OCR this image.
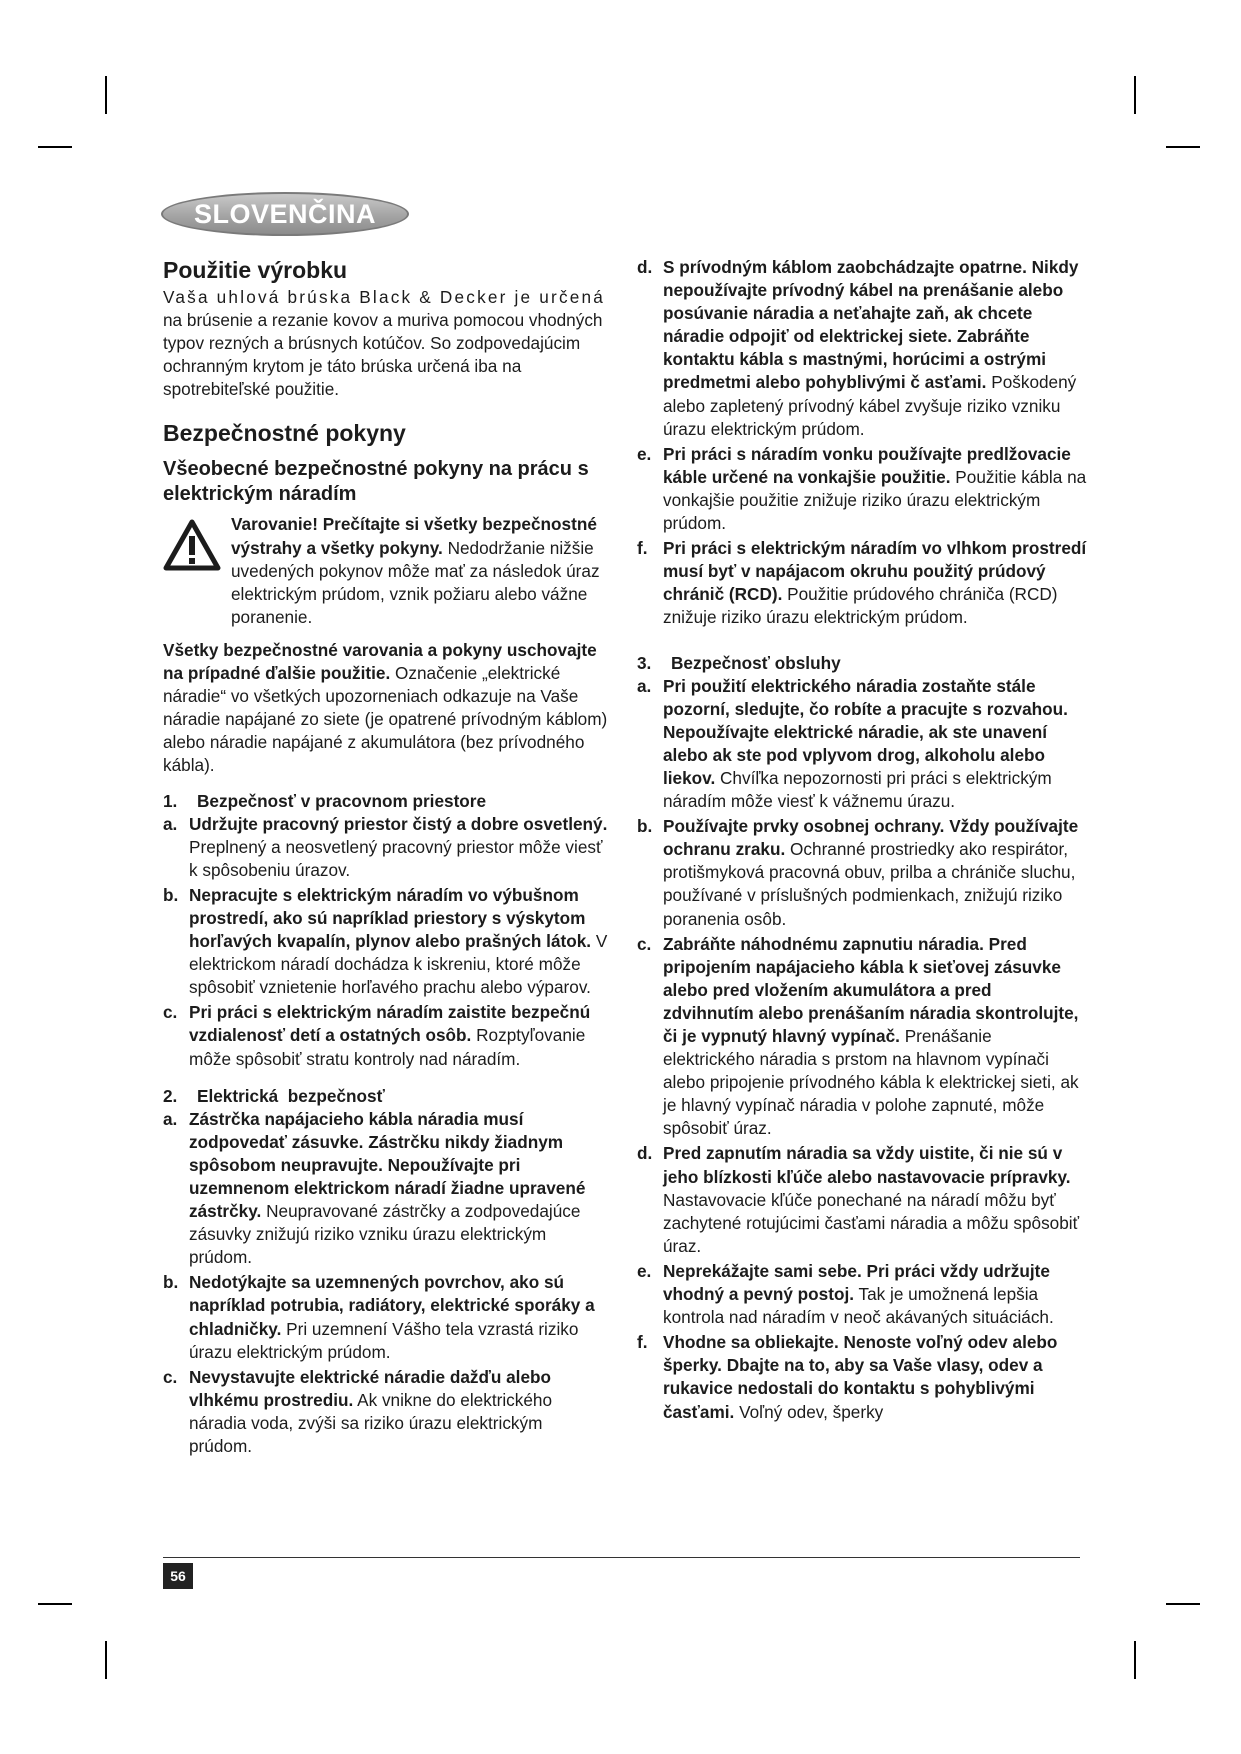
SLOVENČINA
Použitie výrobku

Vaša uhlová brúska Black & Decker je určená

na brúsenie a rezanie kovov a muriva pomocou vhodných typov rezných a brúsnych kotúčov. So zodpovedajúcim ochranným krytom je táto brúska určená iba na spotrebiteľské použitie.

Bezpečnostné pokyny
Všeobecné bezpečnostné pokyny na prácu s elektrickým náradím
Varovanie! Prečítajte si všetky bezpečnostné výstrahy a všetky pokyny. Nedodržanie nižšie uvedených pokynov môže mať za následok úraz elektrickým prúdom, vznik požiaru alebo vážne poranenie.

Všetky bezpečnostné varovania a pokyny uschovajte na prípadné ďalšie použitie. Označenie „elektrické náradie“ vo všetkých upozorneniach odkazuje na Vaše náradie napájané zo siete (je opatrené prívodným káblom) alebo náradie napájané z akumulátora (bez prívodného kábla).

1.	Bezpečnosť v pracovnom priestore
a. Udržujte pracovný priestor čistý a dobre osvetlený. Preplnený a neosvetlený pracovný priestor môže viesť k spôsobeniu úrazov.
b. Nepracujte s elektrickým náradím vo výbušnom prostredí, ako sú napríklad priestory s výskytom horľavých kvapalín, plynov alebo prašných látok. V elektrickom náradí dochádza k iskreniu, ktoré môže spôsobiť vznietenie horľavého prachu alebo výparov.
c. Pri práci s elektrickým náradím zaistite bezpečnú vzdialenosť detí a ostatných osôb. Rozptyľovanie môže spôsobiť stratu kontroly nad náradím.
2.	Elektrická  bezpečnosť
a. Zástrčka napájacieho kábla náradia musí zodpovedať zásuvke. Zástrčku nikdy žiadnym spôsobom neupravujte. Nepoužívajte pri uzemnenom elektrickom náradí žiadne upravené zástrčky. Neupravované zástrčky a zodpovedajúce zásuvky znižujú riziko vzniku úrazu elektrickým prúdom.
b. Nedotýkajte sa uzemnených povrchov, ako sú napríklad potrubia, radiátory, elektrické sporáky a chladničky. Pri uzemnení Vášho tela vzrastá riziko úrazu elektrickým prúdom.
c. Nevystavujte elektrické náradie dažďu alebo vlhkému prostrediu. Ak vnikne do elektrického náradia voda, zvýši sa riziko úrazu elektrickým prúdom.
d. S prívodným káblom zaobchádzajte opatrne. Nikdy nepoužívajte prívodný kábel na prenášanie alebo posúvanie náradia a neťahajte zaň, ak chcete náradie odpojiť od elektrickej siete. Zabráňte kontaktu kábla s mastnými, horúcimi a ostrými predmetmi alebo pohyblivými č asťami. Poškodený alebo zapletený prívodný kábel zvyšuje riziko vzniku úrazu elektrickým prúdom.
e. Pri práci s náradím vonku používajte predlžovacie káble určené na vonkajšie použitie. Použitie kábla na vonkajšie použitie znižuje riziko úrazu elektrickým prúdom.
f. Pri práci s elektrickým náradím vo vlhkom prostredí musí byť v napájacom okruhu použitý prúdový chránič (RCD). Použitie prúdového chrániča (RCD) znižuje riziko úrazu elektrickým prúdom.
3.	Bezpečnosť obsluhy
a. Pri použití elektrického náradia zostaňte stále pozorní, sledujte, čo robíte a pracujte s rozvahou. Nepoužívajte elektrické náradie, ak ste unavení alebo ak ste pod vplyvom drog, alkoholu alebo liekov. Chvíľka nepozornosti pri práci s elektrickým náradím môže viesť k vážnemu úrazu.
b. Používajte prvky osobnej ochrany. Vždy používajte ochranu zraku. Ochranné prostriedky ako respirátor, protišmyková pracovná obuv, prilba a chrániče sluchu, používané v príslušných podmienkach, znižujú riziko poranenia osôb.
c. Zabráňte náhodnému zapnutiu náradia. Pred pripojením napájacieho kábla k sieťovej zásuvke alebo pred vložením akumulátora a pred zdvihnutím alebo prenášaním náradia skontrolujte, či je vypnutý hlavný vypínač. Prenášanie elektrického náradia s prstom na hlavnom vypínači alebo pripojenie prívodného kábla k elektrickej sieti, ak je hlavný vypínač náradia v polohe zapnuté, môže spôsobiť úraz.
d. Pred zapnutím náradia sa vždy uistite, či nie sú v jeho blízkosti kľúče alebo nastavovacie prípravky. Nastavovacie kľúče ponechané na náradí môžu byť zachytené rotujúcimi časťami náradia a môžu spôsobiť úraz.
e. Neprekážajte sami sebe. Pri práci vždy udržujte vhodný a pevný postoj. Tak je umožnená lepšia kontrola nad náradím v neoč akávaných situáciách.
f. Vhodne sa obliekajte. Nenoste voľný odev alebo šperky. Dbajte na to, aby sa Vaše vlasy, odev a rukavice nedostali do kontaktu s pohyblivými časťami. Voľný odev, šperky
56
